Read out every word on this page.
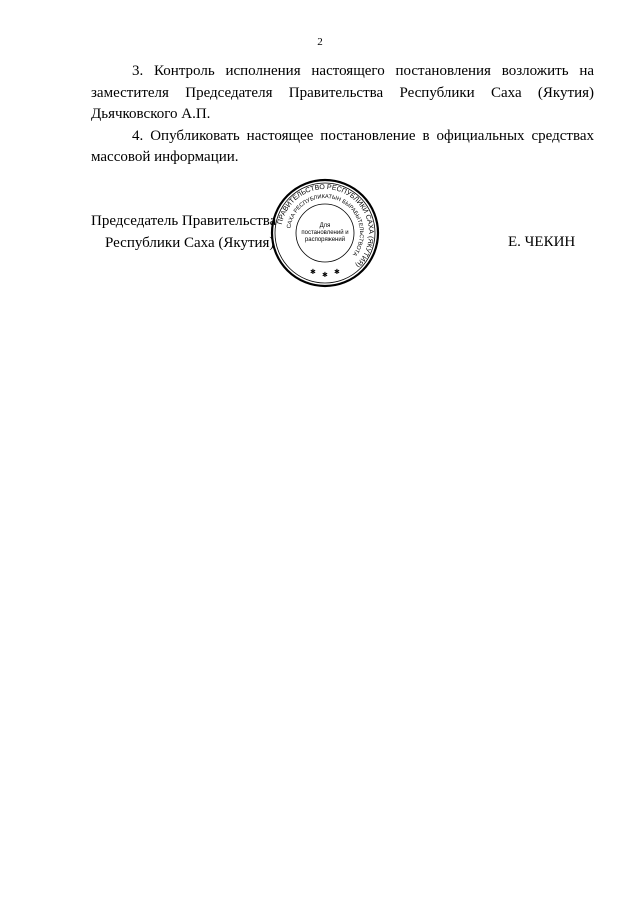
2

3. Контроль исполнения настоящего постановления возложить на заместителя Председателя Правительства Республики Саха (Якутия) Дьячковского А.П.

4. Опубликовать настоящее постановление в официальных средствах массовой информации.

Председатель Правительства
Республики Саха (Якутия)	Е. ЧЕКИН
ПРАВИТЕЛЬСТВО РЕСПУБЛИКИ САХА (ЯКУТИЯ)
САХА РЕСПУБЛИКАТЫН БЫРАБЫТЕЛЬСТВОТА
✱ ✱ ✱
Для
постановлений и
распоряжений
